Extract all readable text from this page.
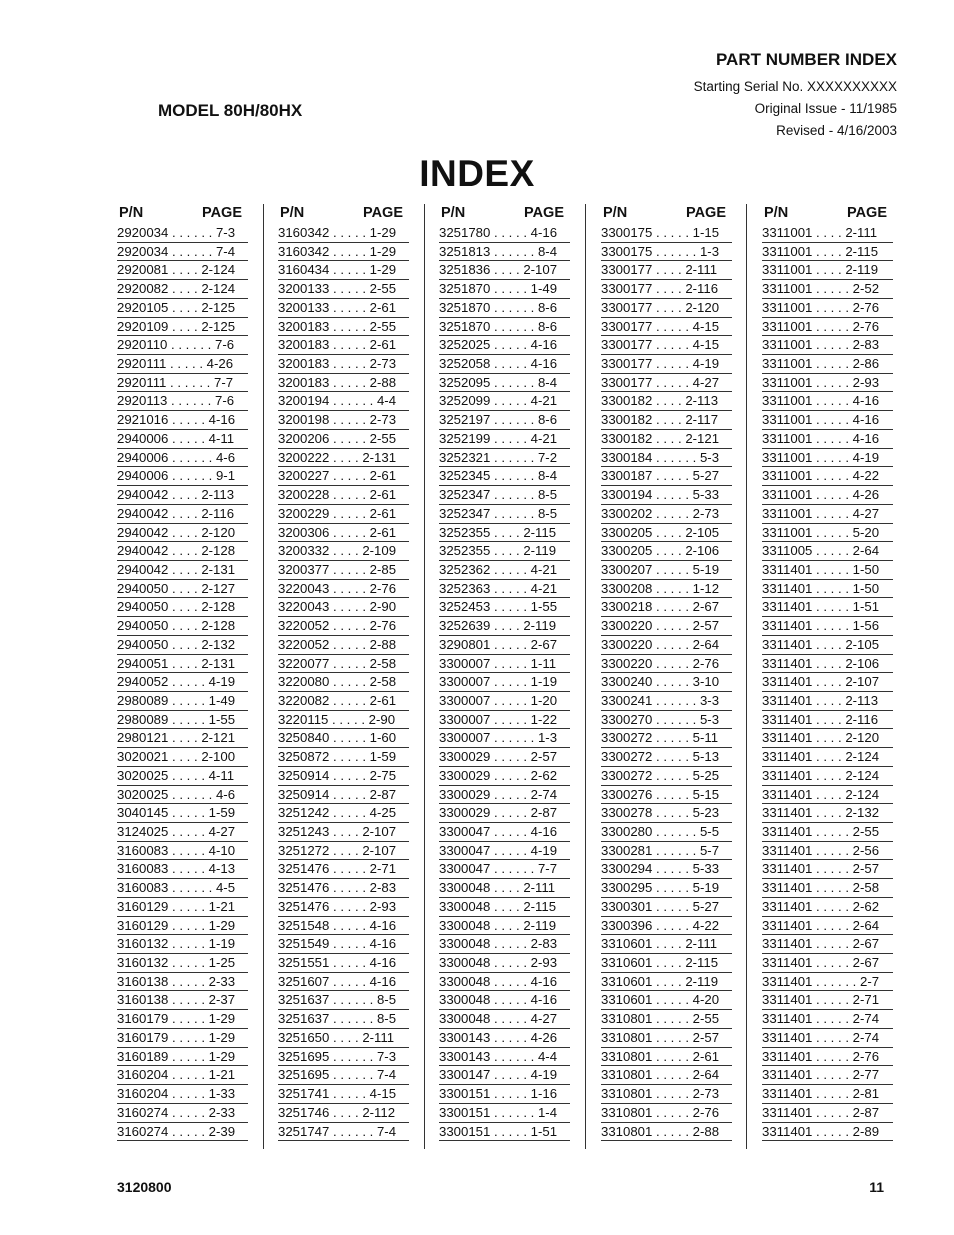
PART NUMBER INDEX
Starting Serial No. XXXXXXXXXX
Original Issue - 11/1985
Revised - 4/16/2003
MODEL 80H/80HX
INDEX
P/N	PAGE
2920034 . . . . . . 7-3
2920034 . . . . . . 7-4
2920081 . . . . 2-124
2920082 . . . . 2-124
2920105 . . . . 2-125
2920109 . . . . 2-125
2920110 . . . . . . 7-6
2920111 . . . . . 4-26
2920111 . . . . . . 7-7
2920113 . . . . . . 7-6
2921016 . . . . . 4-16
2940006 . . . . . 4-11
2940006 . . . . . . 4-6
2940006 . . . . . . 9-1
2940042 . . . . 2-113
2940042 . . . . 2-116
2940042 . . . . 2-120
2940042 . . . . 2-128
2940042 . . . . 2-131
2940050 . . . . 2-127
2940050 . . . . 2-128
2940050 . . . . 2-128
2940050 . . . . 2-132
2940051 . . . . 2-131
2940052 . . . . . 4-19
2980089 . . . . . 1-49
2980089 . . . . . 1-55
2980121 . . . . 2-121
3020021 . . . . 2-100
3020025 . . . . . 4-11
3020025 . . . . . . 4-6
3040145 . . . . . 1-59
3124025 . . . . . 4-27
3160083 . . . . . 4-10
3160083 . . . . . 4-13
3160083 . . . . . . 4-5
3160129 . . . . . 1-21
3160129 . . . . . 1-29
3160132 . . . . . 1-19
3160132 . . . . . 1-25
3160138 . . . . . 2-33
3160138 . . . . . 2-37
3160179 . . . . . 1-29
3160179 . . . . . 1-29
3160189 . . . . . 1-29
3160204 . . . . . 1-21
3160204 . . . . . 1-33
3160274 . . . . . 2-33
3160274 . . . . . 2-39
P/N	PAGE
3160342 . . . . . 1-29
3160342 . . . . . 1-29
3160434 . . . . . 1-29
3200133 . . . . . 2-55
3200133 . . . . . 2-61
3200183 . . . . . 2-55
3200183 . . . . . 2-61
3200183 . . . . . 2-73
3200183 . . . . . 2-88
3200194 . . . . . . 4-4
3200198 . . . . . 2-73
3200206 . . . . . 2-55
3200222 . . . . 2-131
3200227 . . . . . 2-61
3200228 . . . . . 2-61
3200229 . . . . . 2-61
3200306 . . . . . 2-61
3200332 . . . . 2-109
3200377 . . . . . 2-85
3220043 . . . . . 2-76
3220043 . . . . . 2-90
3220052 . . . . . 2-76
3220052 . . . . . 2-88
3220077 . . . . . 2-58
3220080 . . . . . 2-58
3220082 . . . . . 2-61
3220115 . . . . . 2-90
3250840 . . . . . 1-60
3250872 . . . . . 1-59
3250914 . . . . . 2-75
3250914 . . . . . 2-87
3251242 . . . . . 4-25
3251243 . . . . 2-107
3251272 . . . . 2-107
3251476 . . . . . 2-71
3251476 . . . . . 2-83
3251476 . . . . . 2-93
3251548 . . . . . 4-16
3251549 . . . . . 4-16
3251551 . . . . . 4-16
3251607 . . . . . 4-16
3251637 . . . . . . 8-5
3251637 . . . . . . 8-5
3251650 . . . . 2-111
3251695 . . . . . . 7-3
3251695 . . . . . . 7-4
3251741 . . . . . 4-15
3251746 . . . . 2-112
3251747 . . . . . . 7-4
P/N	PAGE
3251780 . . . . . 4-16
3251813 . . . . . . 8-4
3251836 . . . . 2-107
3251870 . . . . . 1-49
3251870 . . . . . . 8-6
3251870 . . . . . . 8-6
3252025 . . . . . 4-16
3252058 . . . . . 4-16
3252095 . . . . . . 8-4
3252099 . . . . . 4-21
3252197 . . . . . . 8-6
3252199 . . . . . 4-21
3252321 . . . . . . 7-2
3252345 . . . . . . 8-4
3252347 . . . . . . 8-5
3252347 . . . . . . 8-5
3252355 . . . . 2-115
3252355 . . . . 2-119
3252362 . . . . . 4-21
3252363 . . . . . 4-21
3252453 . . . . . 1-55
3252639 . . . . 2-119
3290801 . . . . . 2-67
3300007 . . . . . 1-11
3300007 . . . . . 1-19
3300007 . . . . . 1-20
3300007 . . . . . 1-22
3300007 . . . . . . 1-3
3300029 . . . . . 2-57
3300029 . . . . . 2-62
3300029 . . . . . 2-74
3300029 . . . . . 2-87
3300047 . . . . . 4-16
3300047 . . . . . 4-19
3300047 . . . . . . 7-7
3300048 . . . . 2-111
3300048 . . . . 2-115
3300048 . . . . 2-119
3300048 . . . . . 2-83
3300048 . . . . . 2-93
3300048 . . . . . 4-16
3300048 . . . . . 4-16
3300048 . . . . . 4-27
3300143 . . . . . 4-26
3300143 . . . . . . 4-4
3300147 . . . . . 4-19
3300151 . . . . . 1-16
3300151 . . . . . . 1-4
3300151 . . . . . 1-51
P/N	PAGE
3300175 . . . . . 1-15
3300175 . . . . . . 1-3
3300177 . . . . 2-111
3300177 . . . . 2-116
3300177 . . . . 2-120
3300177 . . . . . 4-15
3300177 . . . . . 4-15
3300177 . . . . . 4-19
3300177 . . . . . 4-27
3300182 . . . . 2-113
3300182 . . . . 2-117
3300182 . . . . 2-121
3300184 . . . . . . 5-3
3300187 . . . . . 5-27
3300194 . . . . . 5-33
3300202 . . . . . 2-73
3300205 . . . . 2-105
3300205 . . . . 2-106
3300207 . . . . . 5-19
3300208 . . . . . 1-12
3300218 . . . . . 2-67
3300220 . . . . . 2-57
3300220 . . . . . 2-64
3300220 . . . . . 2-76
3300240 . . . . . 3-10
3300241 . . . . . . 3-3
3300270 . . . . . . 5-3
3300272 . . . . . 5-11
3300272 . . . . . 5-13
3300272 . . . . . 5-25
3300276 . . . . . 5-15
3300278 . . . . . 5-23
3300280 . . . . . . 5-5
3300281 . . . . . . 5-7
3300294 . . . . . 5-33
3300295 . . . . . 5-19
3300301 . . . . . 5-27
3300396 . . . . . 4-22
3310601 . . . . 2-111
3310601 . . . . 2-115
3310601 . . . . 2-119
3310601 . . . . . 4-20
3310801 . . . . . 2-55
3310801 . . . . . 2-57
3310801 . . . . . 2-61
3310801 . . . . . 2-64
3310801 . . . . . 2-73
3310801 . . . . . 2-76
3310801 . . . . . 2-88
P/N	PAGE
3311001 . . . . 2-111
3311001 . . . . 2-115
3311001 . . . . 2-119
3311001 . . . . . 2-52
3311001 . . . . . 2-76
3311001 . . . . . 2-76
3311001 . . . . . 2-83
3311001 . . . . . 2-86
3311001 . . . . . 2-93
3311001 . . . . . 4-16
3311001 . . . . . 4-16
3311001 . . . . . 4-16
3311001 . . . . . 4-19
3311001 . . . . . 4-22
3311001 . . . . . 4-26
3311001 . . . . . 4-27
3311001 . . . . . 5-20
3311005 . . . . . 2-64
3311401 . . . . . 1-50
3311401 . . . . . 1-50
3311401 . . . . . 1-51
3311401 . . . . . 1-56
3311401 . . . . 2-105
3311401 . . . . 2-106
3311401 . . . . 2-107
3311401 . . . . 2-113
3311401 . . . . 2-116
3311401 . . . . 2-120
3311401 . . . . 2-124
3311401 . . . . 2-124
3311401 . . . . 2-124
3311401 . . . . 2-132
3311401 . . . . . 2-55
3311401 . . . . . 2-56
3311401 . . . . . 2-57
3311401 . . . . . 2-58
3311401 . . . . . 2-62
3311401 . . . . . 2-64
3311401 . . . . . 2-67
3311401 . . . . . 2-67
3311401 . . . . . . 2-7
3311401 . . . . . 2-71
3311401 . . . . . 2-74
3311401 . . . . . 2-74
3311401 . . . . . 2-76
3311401 . . . . . 2-77
3311401 . . . . . 2-81
3311401 . . . . . 2-87
3311401 . . . . . 2-89
3120800	11
